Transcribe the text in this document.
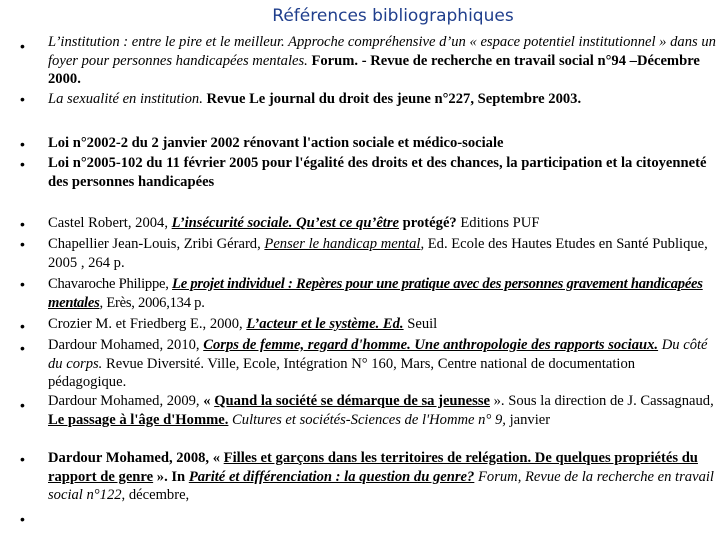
Références bibliographiques
•
•
•
•
•
•
•
•
•
•
•
•
L’institution : entre le pire et le meilleur. Approche compréhensive d’un « espace potentiel institutionnel » dans un foyer pour personnes handicapées mentales. Forum. - Revue de recherche en travail social n°94 –Décembre 2000.
La sexualité en institution. Revue Le journal du droit des jeune n°227, Septembre 2003.
Loi n°2002-2 du 2 janvier 2002 rénovant l'action sociale et médico-sociale
Loi n°2005-102 du 11 février 2005 pour l'égalité des droits et des chances, la participation et la citoyenneté des personnes handicapées
Castel Robert, 2004, L’insécurité sociale. Qu’est ce qu’être protégé? Editions PUF
Chapellier Jean-Louis, Zribi Gérard, Penser le handicap mental, Ed. Ecole des Hautes Etudes en Santé Publique, 2005 , 264 p.
Chavaroche Philippe, Le projet individuel : Repères pour une pratique avec des personnes gravement handicapées mentales, Erès, 2006,134 p.
Crozier M. et Friedberg E., 2000, L’acteur et le système. Ed. Seuil
Dardour Mohamed, 2010, Corps de femme, regard d'homme. Une anthropologie des rapports sociaux. Du côté du corps. Revue Diversité. Ville, Ecole, Intégration N° 160, Mars, Centre national de documentation pédagogique.
Dardour Mohamed, 2009, « Quand la société se démarque de sa jeunesse ». Sous la direction de J. Cassagnaud, Le passage à l'âge d'Homme. Cultures et sociétés-Sciences de l'Homme n° 9, janvier
Dardour Mohamed, 2008, « Filles et garçons dans les territoires de relégation. De quelques propriétés du rapport de genre ». In Parité et différenciation : la question du genre? Forum, Revue de la recherche en travail social n°122, décembre,
